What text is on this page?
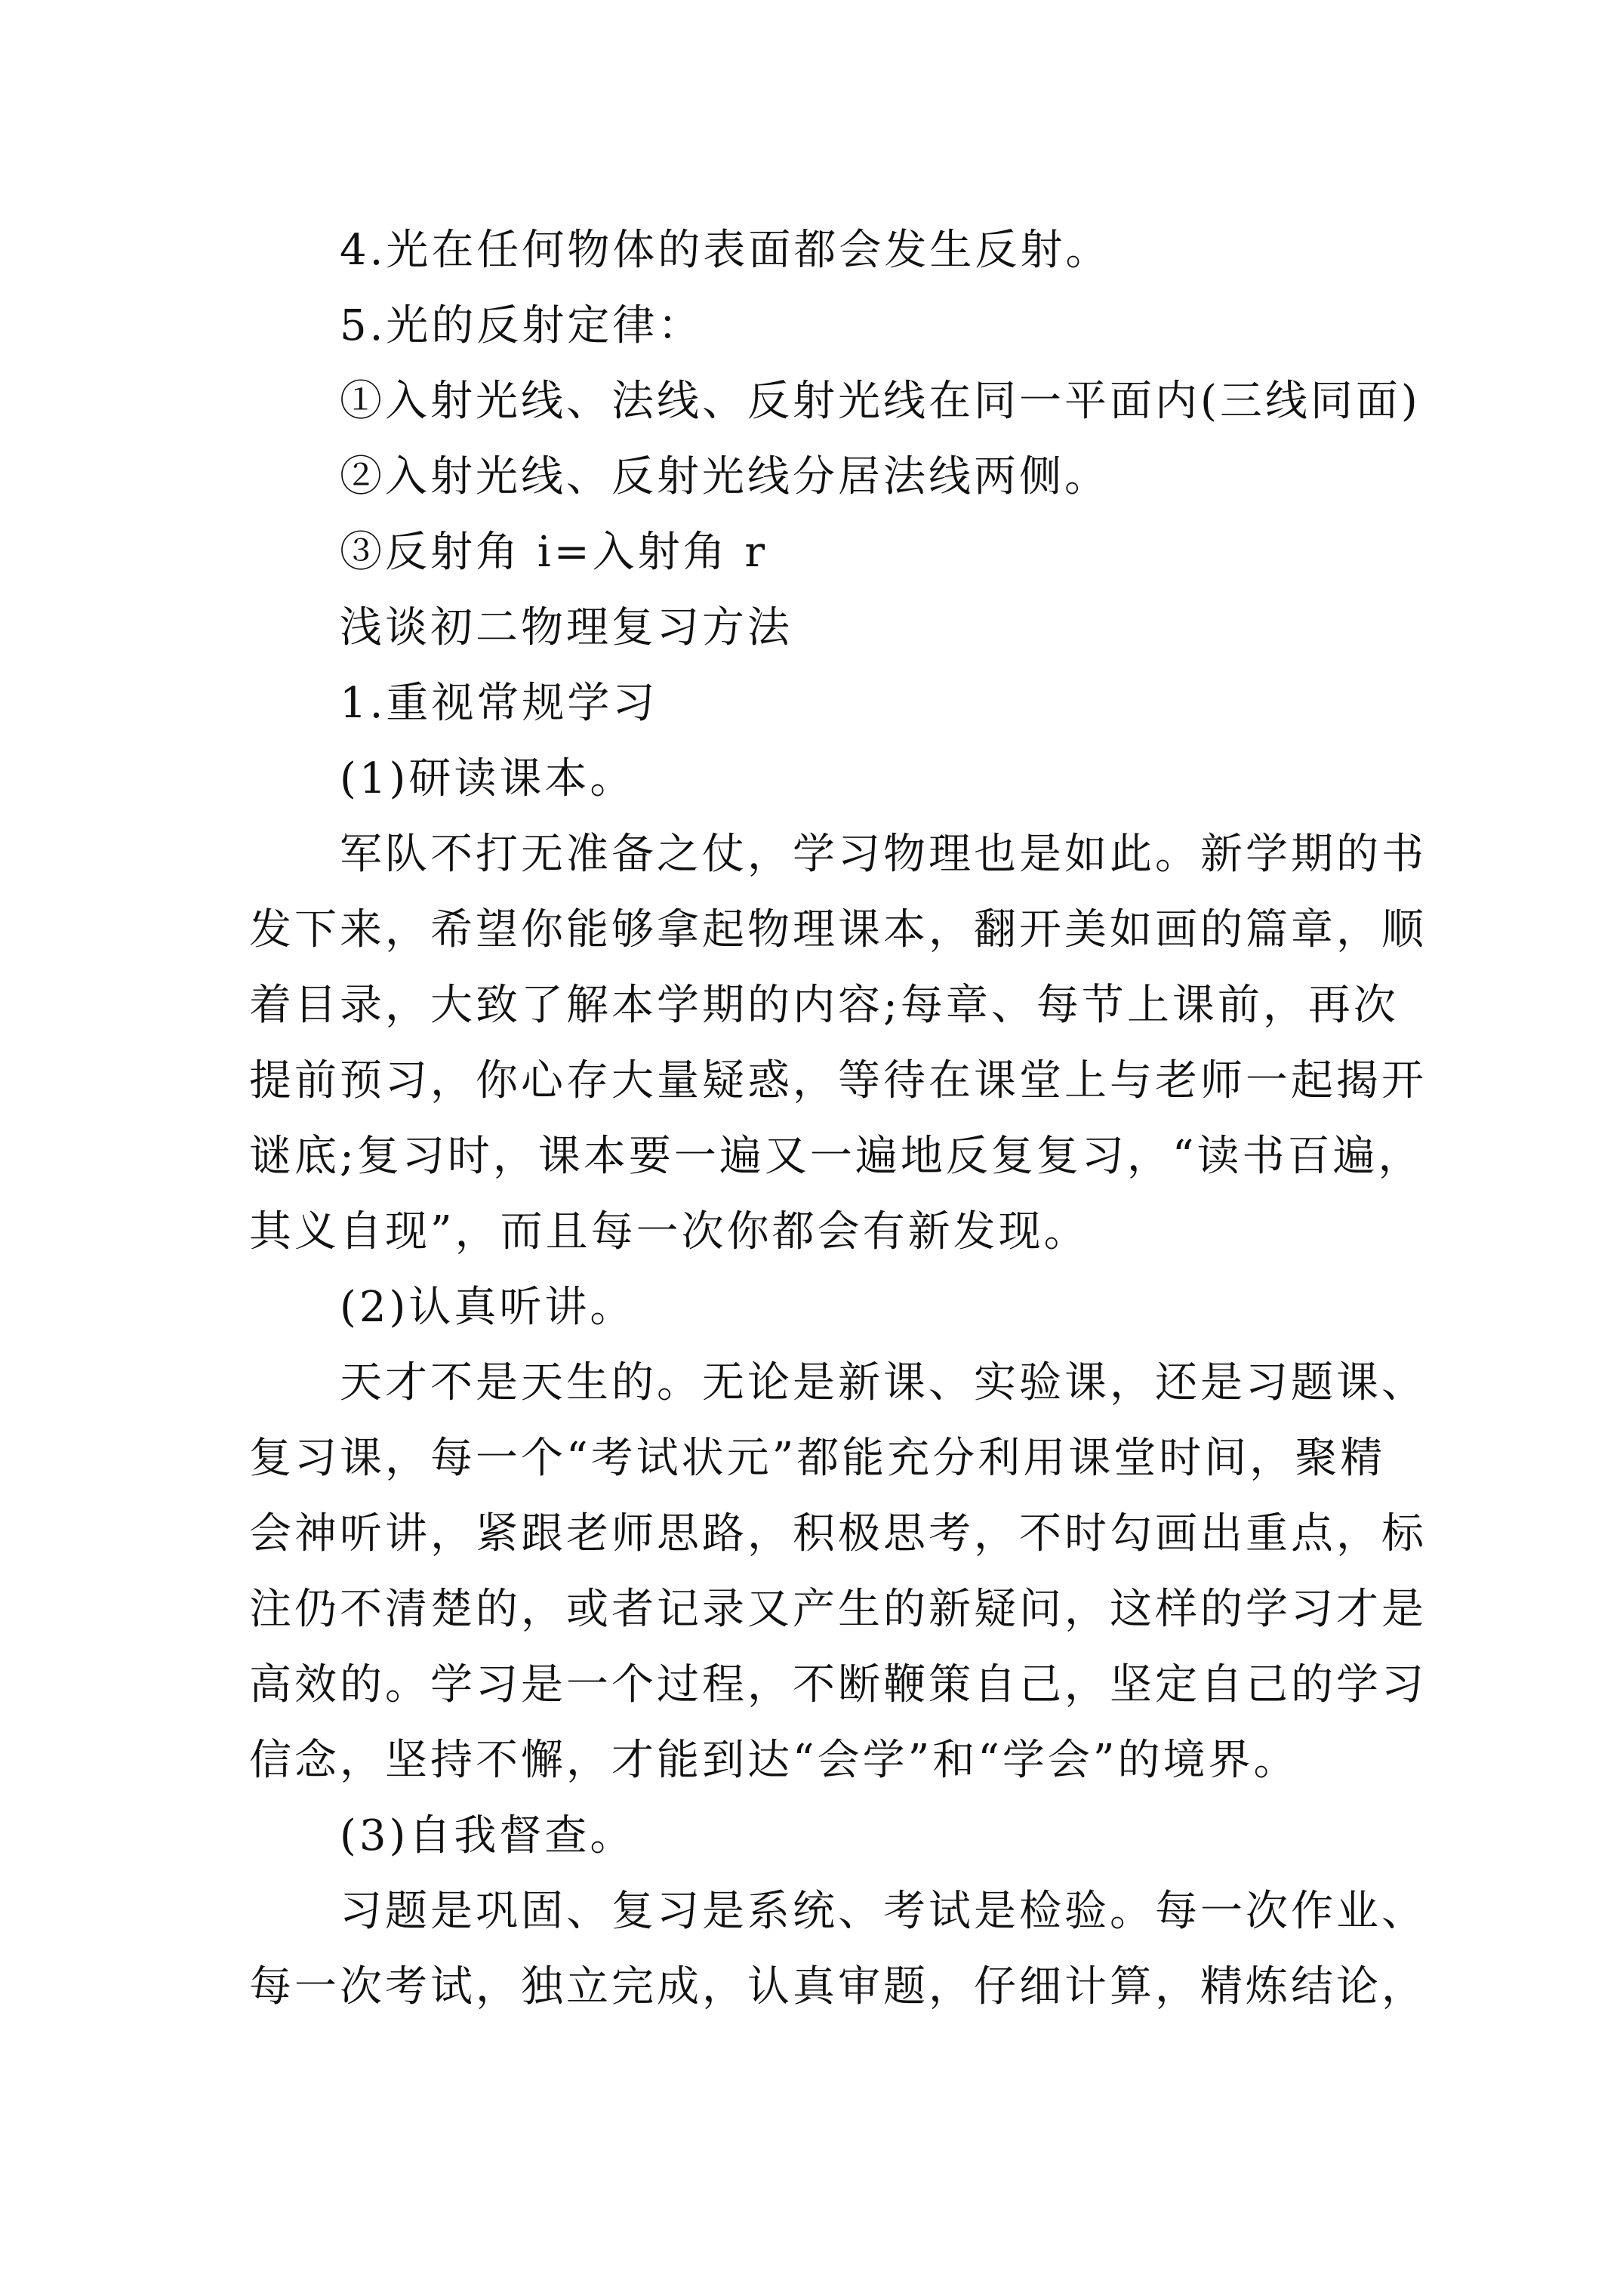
4.光在任何物体的表面都会发生反射。
5.光的反射定律：
①入射光线、法线、反射光线在同一平面内(三线同面)
②入射光线、反射光线分居法线两侧。
③反射角 i=入射角 r
浅谈初二物理复习方法
1.重视常规学习
(1)研读课本。
军队不打无准备之仗，学习物理也是如此。新学期的书
发下来，希望你能够拿起物理课本，翻开美如画的篇章，顺
着目录，大致了解本学期的内容;每章、每节上课前，再次
提前预习，你心存大量疑惑，等待在课堂上与老师一起揭开
谜底;复习时，课本要一遍又一遍地反复复习，“读书百遍，
其义自现”，而且每一次你都会有新发现。
(2)认真听讲。
天才不是天生的。无论是新课、实验课，还是习题课、
复习课，每一个“考试状元”都能充分利用课堂时间，聚精
会神听讲，紧跟老师思路，积极思考，不时勾画出重点，标
注仍不清楚的，或者记录又产生的新疑问，这样的学习才是
高效的。学习是一个过程，不断鞭策自己，坚定自己的学习
信念，坚持不懈，才能到达“会学”和“学会”的境界。
(3)自我督查。
习题是巩固、复习是系统、考试是检验。每一次作业、
每一次考试，独立完成，认真审题，仔细计算，精炼结论，
